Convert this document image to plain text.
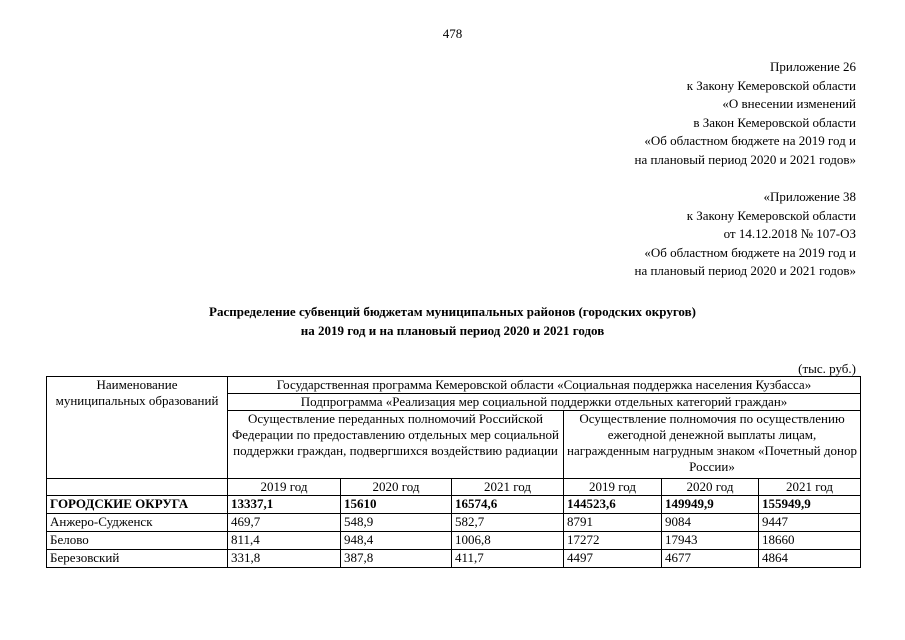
478
Приложение 26
к Закону Кемеровской области
«О внесении изменений
в Закон Кемеровской области
«Об областном бюджете на 2019 год и
на плановый период 2020 и 2021 годов»
«Приложение 38
к Закону Кемеровской области
от 14.12.2018 № 107-ОЗ
«Об областном бюджете на 2019 год и
на плановый период 2020 и 2021 годов»
Распределение субвенций бюджетам муниципальных районов (городских округов)
на 2019 год и на плановый период 2020 и 2021 годов
(тыс. руб.)
Наименование муниципальных образований	Государственная программа Кемеровской области «Социальная поддержка населения Кузбасса»					
	Подпрограмма «Реализация мер социальной поддержки отдельных категорий граждан»					
	Осуществление переданных полномочий Российской Федерации по предоставлению отдельных мер социальной поддержки граждан, подвергшихся воздействию радиации			Осуществление полномочия по осуществлению ежегодной денежной выплаты лицам, награжденным нагрудным знаком «Почетный донор России»		
	2019 год	2020 год	2021 год	2019 год	2020 год	2021 год
ГОРОДСКИЕ ОКРУГА	13337,1	15610	16574,6	144523,6	149949,9	155949,9
Анжеро-Судженск	469,7	548,9	582,7	8791	9084	9447
Белово	811,4	948,4	1006,8	17272	17943	18660
Березовский	331,8	387,8	411,7	4497	4677	4864
